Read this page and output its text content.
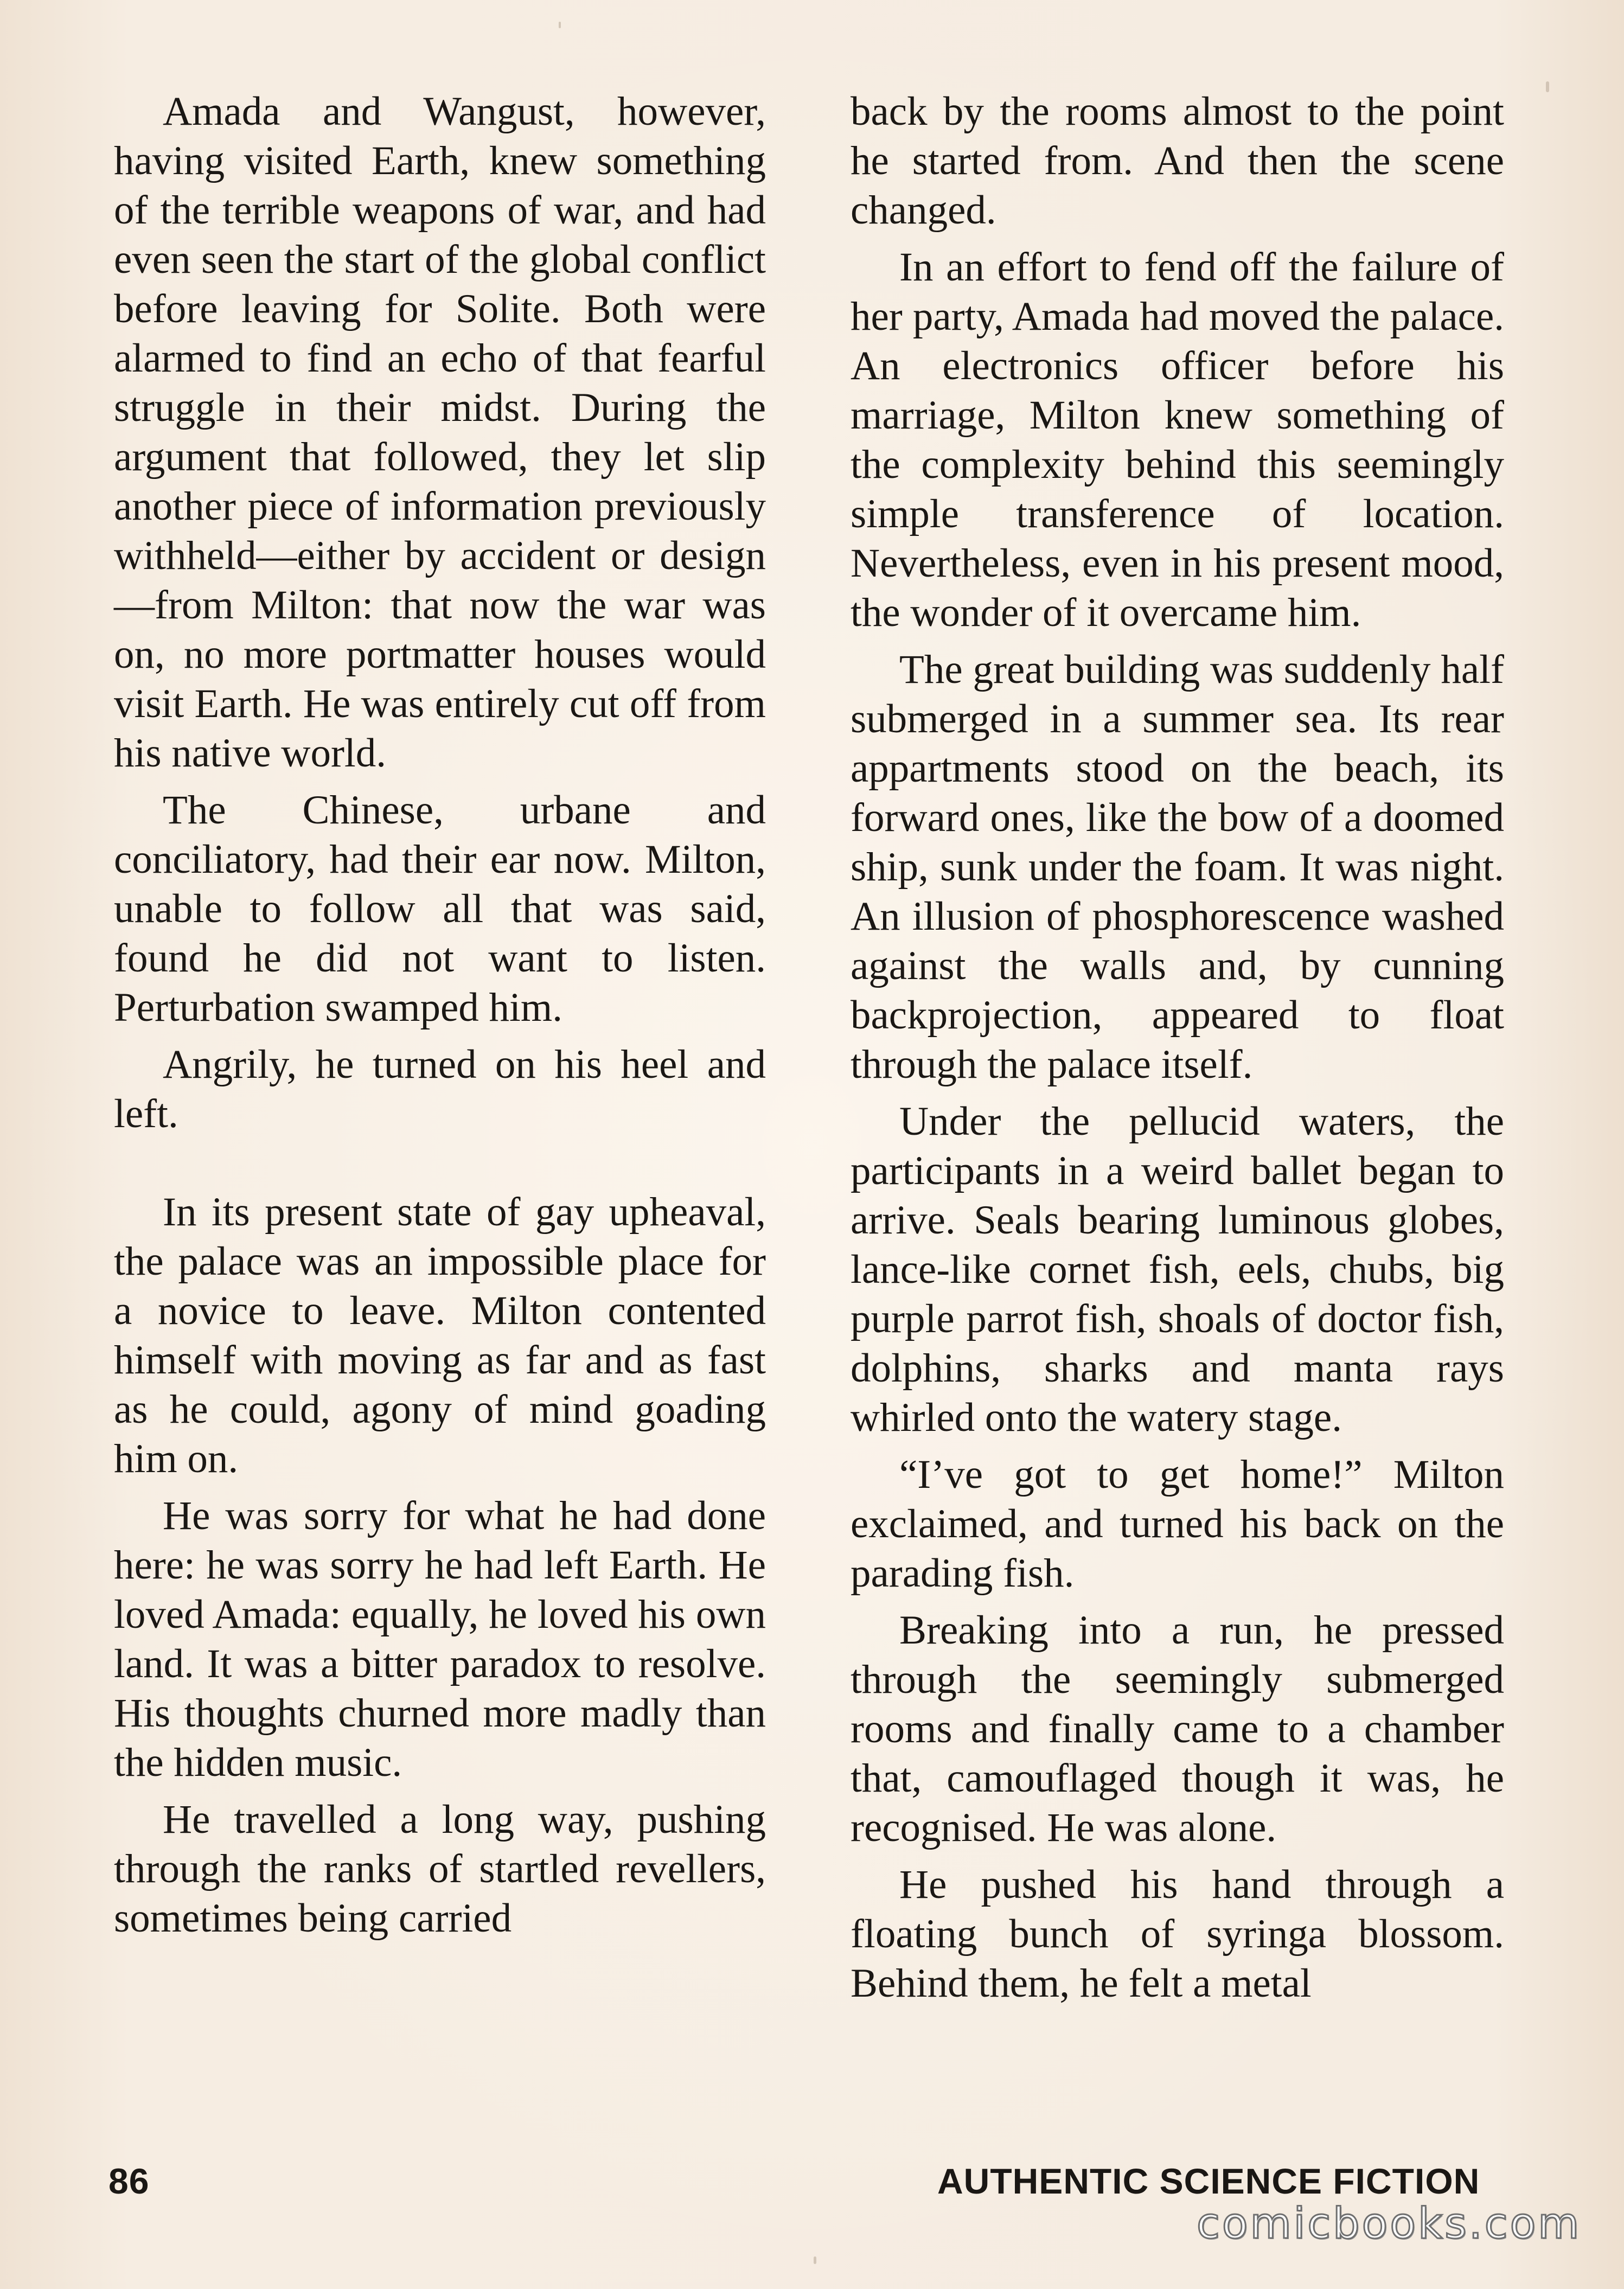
Amada and Wangust, however, having visited Earth, knew something of the terrible weapons of war, and had even seen the start of the global conflict before leaving for Solite. Both were alarmed to find an echo of that fearful struggle in their midst. During the argument that followed, they let slip another piece of information previously withheld—either by accident or design—from Milton: that now the war was on, no more portmatter houses would visit Earth. He was entirely cut off from his native world.

The Chinese, urbane and conciliatory, had their ear now. Milton, unable to follow all that was said, found he did not want to listen. Perturbation swamped him.

Angrily, he turned on his heel and left.

In its present state of gay upheaval, the palace was an impossible place for a novice to leave. Milton contented himself with moving as far and as fast as he could, agony of mind goading him on.

He was sorry for what he had done here: he was sorry he had left Earth. He loved Amada: equally, he loved his own land. It was a bitter paradox to resolve. His thoughts churned more madly than the hidden music.

He travelled a long way, pushing through the ranks of startled revellers, sometimes being carried

back by the rooms almost to the point he started from. And then the scene changed.

In an effort to fend off the failure of her party, Amada had moved the palace. An electronics officer before his marriage, Milton knew something of the complexity behind this seemingly simple transference of location. Nevertheless, even in his present mood, the wonder of it overcame him.

The great building was suddenly half submerged in a summer sea. Its rear appartments stood on the beach, its forward ones, like the bow of a doomed ship, sunk under the foam. It was night. An illusion of phosphorescence washed against the walls and, by cunning backprojection, appeared to float through the palace itself.

Under the pellucid waters, the participants in a weird ballet began to arrive. Seals bearing luminous globes, lance-like cornet fish, eels, chubs, big purple parrot fish, shoals of doctor fish, dolphins, sharks and manta rays whirled onto the watery stage.

“I’ve got to get home!” Milton exclaimed, and turned his back on the parading fish.

Breaking into a run, he pressed through the seemingly submerged rooms and finally came to a chamber that, camouflaged though it was, he recognised. He was alone.

He pushed his hand through a floating bunch of syringa blossom. Behind them, he felt a metal

86	AUTHENTIC SCIENCE FICTION
comicbooks.com
